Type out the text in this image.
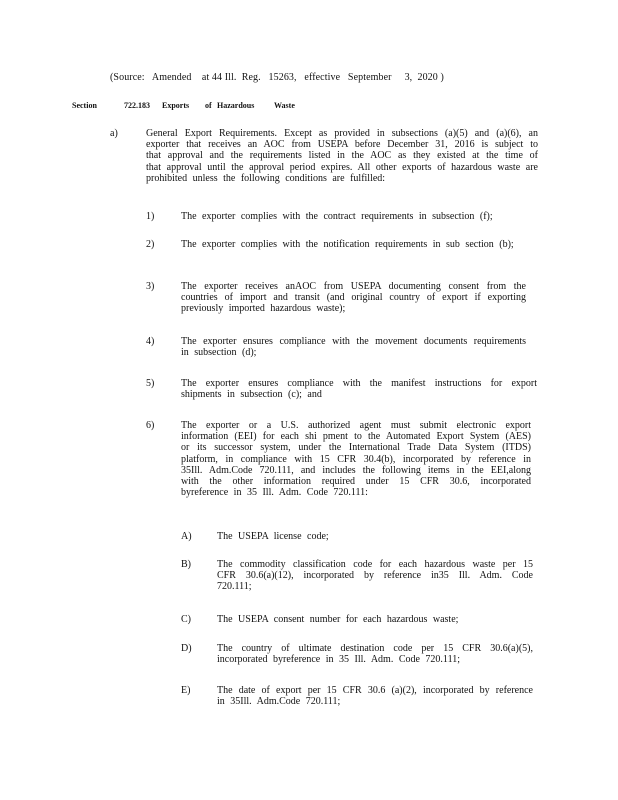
(Source:   Amended    at 44 Ill.  Reg.   15263,   effective   September     3,  2020 )
Section	722.183	Exports	of Hazardous	Waste
a)	General Export Requirements. Except as provided in subsections (a)(5) and (a)(6), an exporter that receives an AOC from USEPA before December 31, 2016 is subject to that approval and the requirements listed in the AOC as they existed at the time of that approval until the approval period expires. All other exports of hazardous waste are prohibited unless the following conditions are fulfilled:
1)	The exporter complies with the contract requirements in subsection (f);
2)	The exporter complies with the notification requirements in sub section (b);
3)	The exporter receives anAOC from USEPA documenting consent from the countries of import and transit (and original country of export if exporting previously imported hazardous waste);
4)	The exporter ensures compliance with the movement documents requirements in subsection (d);
5)	The exporter ensures compliance with the manifest instructions for export shipments in subsection (c); and
6)	The exporter or a U.S. authorized agent must submit electronic export information (EEI) for each shi pment to the Automated Export System (AES) or its successor system, under the International Trade Data System (ITDS) platform, in compliance with 15 CFR 30.4(b), incorporated by reference in 35Ill. Adm.Code 720.111, and includes the following items in the EEI,along with the other information required under 15 CFR 30.6, incorporated byreference in 35 Ill. Adm. Code 720.111:
A)	The USEPA license code;
B)	The commodity classification code for each hazardous waste per 15 CFR 30.6(a)(12), incorporated by reference in35 Ill. Adm. Code 720.111;
C)	The USEPA consent number for each hazardous waste;
D)	The country of ultimate destination code per 15 CFR 30.6(a)(5), incorporated byreference in 35 Ill. Adm. Code 720.111;
E)	The date of export per 15 CFR 30.6 (a)(2), incorporated by reference in 35Ill. Adm.Code 720.111;
